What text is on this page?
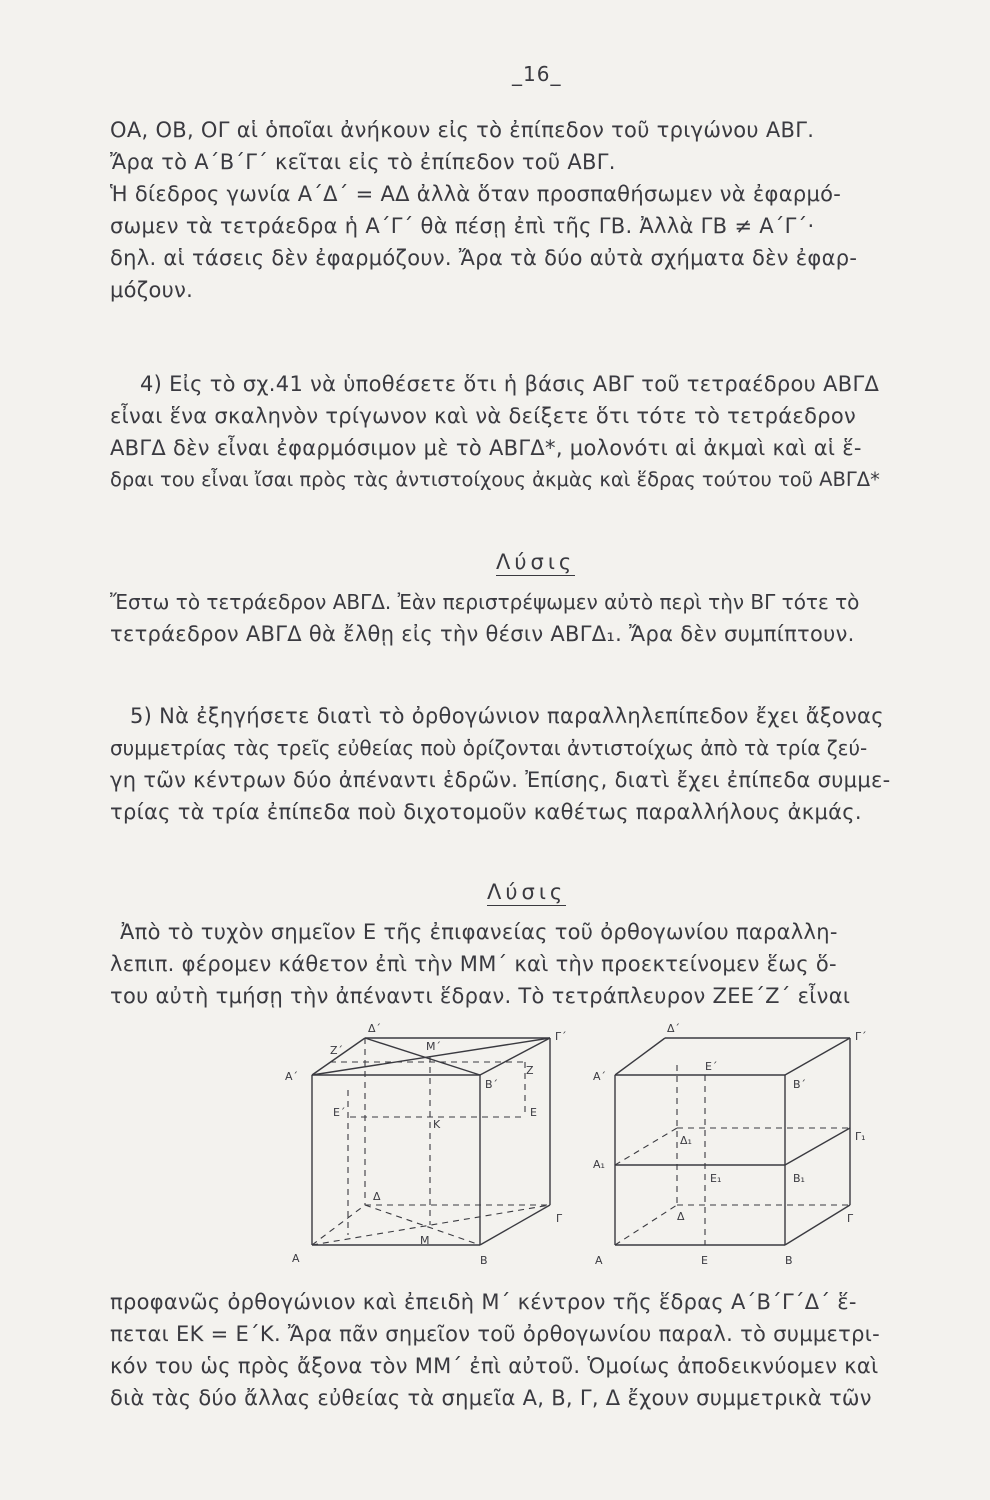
_16_
ΟΑ, ΟΒ, ΟΓ αἱ ὁποῖαι ἀνήκουν εἰς τὸ ἐπίπεδον τοῦ τριγώνου ΑΒΓ.
Ἄρα τὸ Α΄Β΄Γ΄ κεῖται εἰς τὸ ἐπίπεδον τοῦ ΑΒΓ.
Ἡ δίεδρος γωνία Α΄Δ΄ = ΑΔ ἀλλὰ ὅταν προσπαθήσωμεν νὰ ἐφαρμό-
σωμεν τὰ τετράεδρα ἡ Α΄Γ΄ θὰ πέσῃ ἐπὶ τῆς ΓΒ. Ἀλλὰ ΓΒ ≠ Α΄Γ΄·
δηλ. αἱ τάσεις δὲν ἐφαρμόζουν. Ἄρα τὰ δύο αὐτὰ σχήματα δὲν ἐφαρ-
μόζουν.
4) Εἰς τὸ σχ.41 νὰ ὑποθέσετε ὅτι ἡ βάσις ΑΒΓ τοῦ τετραέδρου ΑΒΓΔ
εἶναι ἕνα σκαληνὸν τρίγωνον καὶ νὰ δείξετε ὅτι τότε τὸ τετράεδρον
ΑΒΓΔ δὲν εἶναι ἐφαρμόσιμον μὲ τὸ ΑΒΓΔ*, μολονότι αἱ ἀκμαὶ καὶ αἱ ἕ-
δραι του εἶναι ἴσαι πρὸς τὰς ἀντιστοίχους ἀκμὰς καὶ ἕδρας τούτου τοῦ ΑΒΓΔ*
Λύσις
Ἔστω τὸ τετράεδρον ΑΒΓΔ. Ἐὰν περιστρέψωμεν αὐτὸ περὶ τὴν ΒΓ τότε τὸ
τετράεδρον ΑΒΓΔ θὰ ἔλθῃ εἰς τὴν θέσιν ΑΒΓΔ₁. Ἄρα δὲν συμπίπτουν.
5) Νὰ ἐξηγήσετε διατὶ τὸ ὀρθογώνιον παραλληλεπίπεδον ἔχει ἄξονας
συμμετρίας τὰς τρεῖς εὐθείας ποὺ ὁρίζονται ἀντιστοίχως ἀπὸ τὰ τρία ζεύ-
γη τῶν κέντρων δύο ἀπέναντι ἑδρῶν. Ἐπίσης, διατὶ ἔχει ἐπίπεδα συμμε-
τρίας τὰ τρία ἐπίπεδα ποὺ διχοτομοῦν καθέτως παραλλήλους ἀκμάς.
Λύσις
Ἀπὸ τὸ τυχὸν σημεῖον Ε τῆς ἐπιφανείας τοῦ ὀρθογωνίου παραλλη-
λεπιπ. φέρομεν κάθετον ἐπὶ τὴν ΜΜ΄ καὶ τὴν προεκτείνομεν ἕως ὅ-
του αὐτὴ τμήσῃ τὴν ἀπέναντι ἕδραν. Τὸ τετράπλευρον ΖΕΕ΄Ζ΄ εἶναι
Δ΄
Γ΄
Ζ΄	Μ΄
Ζ
Α΄
Β΄
Ε΄
Κ
Ε
Δ
Γ
Μ
Α	Β
Δ΄
Γ΄
Ε΄
Α΄
Β΄
Δ₁	Γ₁
Α₁
Ε₁	Β₁
Δ	Γ
Α	Ε	Β
προφανῶς ὀρθογώνιον καὶ ἐπειδὴ Μ΄ κέντρον τῆς ἕδρας Α΄Β΄Γ΄Δ΄ ἕ-
πεται ΕΚ = Ε΄Κ. Ἄρα πᾶν σημεῖον τοῦ ὀρθογωνίου παραλ. τὸ συμμετρι-
κόν του ὡς πρὸς ἄξονα τὸν ΜΜ΄ ἐπὶ αὐτοῦ. Ὁμοίως ἀποδεικνύομεν καὶ
διὰ τὰς δύο ἄλλας εὐθείας τὰ σημεῖα Α, Β, Γ, Δ ἔχουν συμμετρικὰ τῶν
